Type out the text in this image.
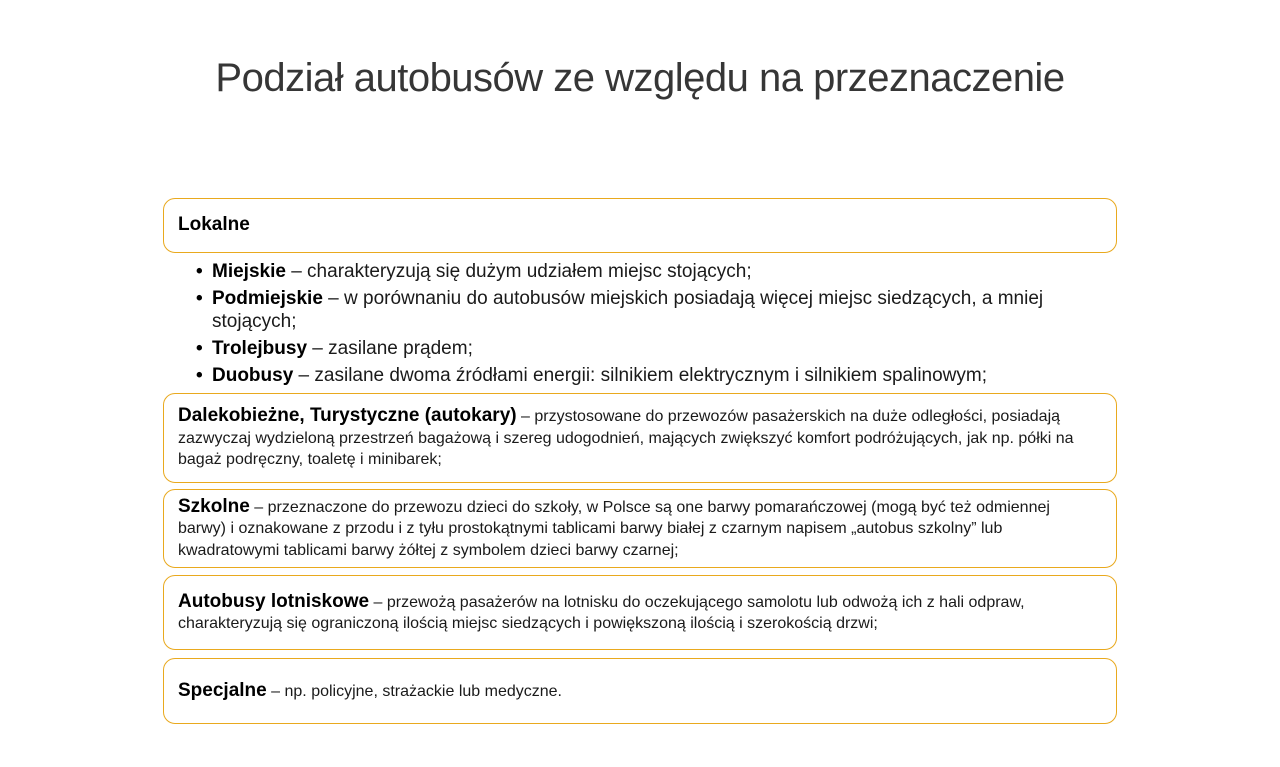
Podział autobusów ze względu na przeznaczenie

Lokalne

• Miejskie – charakteryzują się dużym udziałem miejsc stojących;
• Podmiejskie – w porównaniu do autobusów miejskich posiadają więcej miejsc siedzących, a mniej stojących;
• Trolejbusy – zasilane prądem;
• Duobusy – zasilane dwoma źródłami energii: silnikiem elektrycznym i silnikiem spalinowym;

Dalekobieżne, Turystyczne (autokary) – przystosowane do przewozów pasażerskich na duże odległości, posiadają zazwyczaj wydzieloną przestrzeń bagażową i szereg udogodnień, mających zwiększyć komfort podróżujących, jak np. półki na bagaż podręczny, toaletę i minibarek;

Szkolne – przeznaczone do przewozu dzieci do szkoły, w Polsce są one barwy pomarańczowej (mogą być też odmiennej barwy) i oznakowane z przodu i z tyłu prostokątnymi tablicami barwy białej z czarnym napisem „autobus szkolny” lub kwadratowymi tablicami barwy żółtej z symbolem dzieci barwy czarnej;

Autobusy lotniskowe – przewożą pasażerów na lotnisku do oczekującego samolotu lub odwożą ich z hali odpraw, charakteryzują się ograniczoną ilością miejsc siedzących i powiększoną ilością i szerokością drzwi;

Specjalne – np. policyjne, strażackie lub medyczne.
